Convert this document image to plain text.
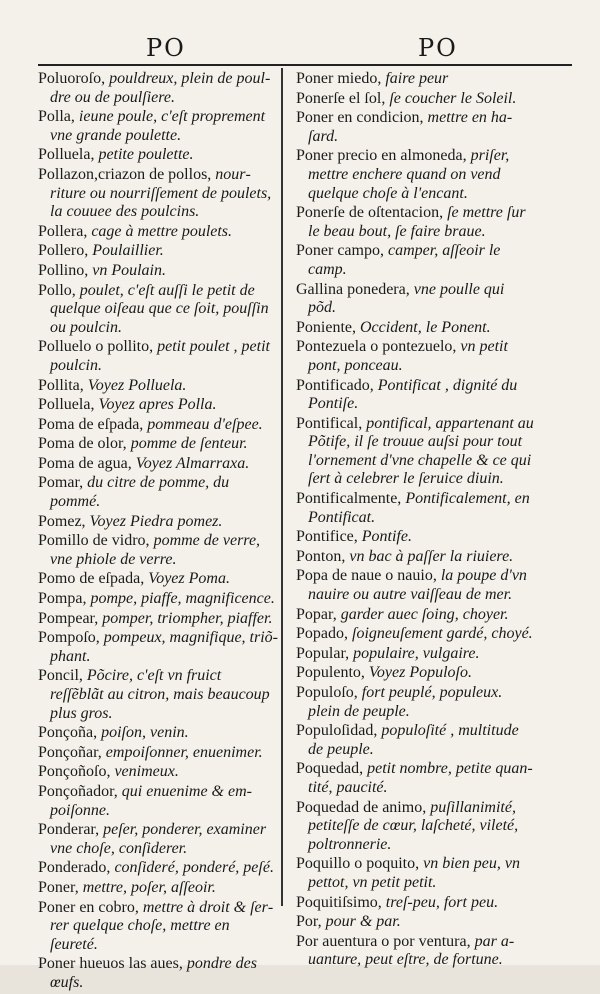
PO	PO
Poluoroſo, pouldreux, plein de pouldre ou de poulſiere.
Polla, ieune poule, c'eſt proprement vne grande poulette.
Polluela, petite poulette.
Pollazon,criazon de pollos, nourriture ou nourriſſement de poulets, la couuee des poulcins.
Pollera, cage à mettre poulets.
Pollero, Poulaillier.
Pollino, vn Poulain.
Pollo, poulet, c'eſt auſſi le petit de quelque oiſeau que ce ſoit, pouſſin ou poulcin.
Polluelo o pollito, petit poulet , petit poulcin.
Pollita, Voyez Polluela.
Polluela, Voyez apres Polla.
Poma de eſpada, pommeau d'eſpee.
Poma de olor, pomme de ſenteur.
Poma de agua, Voyez Almarraxa.
Pomar, du citre de pomme, du pommé.
Pomez, Voyez Piedra pomez.
Pomillo de vidro, pomme de verre, vne phiole de verre.
Pomo de eſpada, Voyez Poma.
Pompa, pompe, piaffe, magnificence.
Pompear, pomper, triompher, piaffer.
Pompoſo, pompeux, magnifique, triõphant.
Poncil, Põcire, c'eſt vn fruict reſſẽblãt au citron, mais beaucoup plus gros.
Ponçoña, poiſon, venin.
Ponçoñar, empoiſonner, enuenimer.
Ponçoñoſo, venimeux.
Ponçoñador, qui enuenime & empoiſonne.
Ponderar, peſer, ponderer, examiner vne choſe, conſiderer.
Ponderado, conſideré, ponderé, peſé.
Poner, mettre, poſer, aſſeoir.
Poner en cobro, mettre à droit & ſerrer quelque choſe, mettre en ſeureté.
Poner hueuos las aues, pondre des œufs.
Poner miedo, faire peur
Ponerſe el ſol, ſe coucher le Soleil.
Poner en condicion, mettre en haſard.
Poner precio en almoneda, priſer, mettre enchere quand on vend quelque choſe à l'encant.
Ponerſe de oſtentacion, ſe mettre ſur le beau bout, ſe faire braue.
Poner campo, camper, aſſeoir le camp.
Gallina ponedera, vne poulle qui põd.
Poniente, Occident, le Ponent.
Pontezuela o pontezuelo, vn petit pont, ponceau.
Pontificado, Pontificat , dignité du Pontiſe.
Pontifical, pontifical, appartenant au Põtife, il ſe trouue auſsi pour tout l'ornement d'vne chapelle & ce qui ſert à celebrer le ſeruice diuin.
Pontificalmente, Pontificalement, en Pontificat.
Pontifice, Pontife.
Ponton, vn bac à paſſer la riuiere.
Popa de naue o nauio, la poupe d'vn nauire ou autre vaiſſeau de mer.
Popar, garder auec ſoing, choyer.
Popado, ſoigneuſement gardé, choyé.
Popular, populaire, vulgaire.
Populento, Voyez Populoſo.
Populoſo, fort peuplé, populeux. plein de peuple.
Populoſidad, populoſité , multitude de peuple.
Poquedad, petit nombre, petite quantité, paucité.
Poquedad de animo, puſillanimité, petiteſſe de cœur, laſcheté, vileté, poltronnerie.
Poquillo o poquito, vn bien peu, vn pettot, vn petit petit.
Poquitiſsimo, treſ-peu, fort peu.
Por, pour & par.
Por auentura o por ventura, par auanture, peut eſtre, de fortune.
